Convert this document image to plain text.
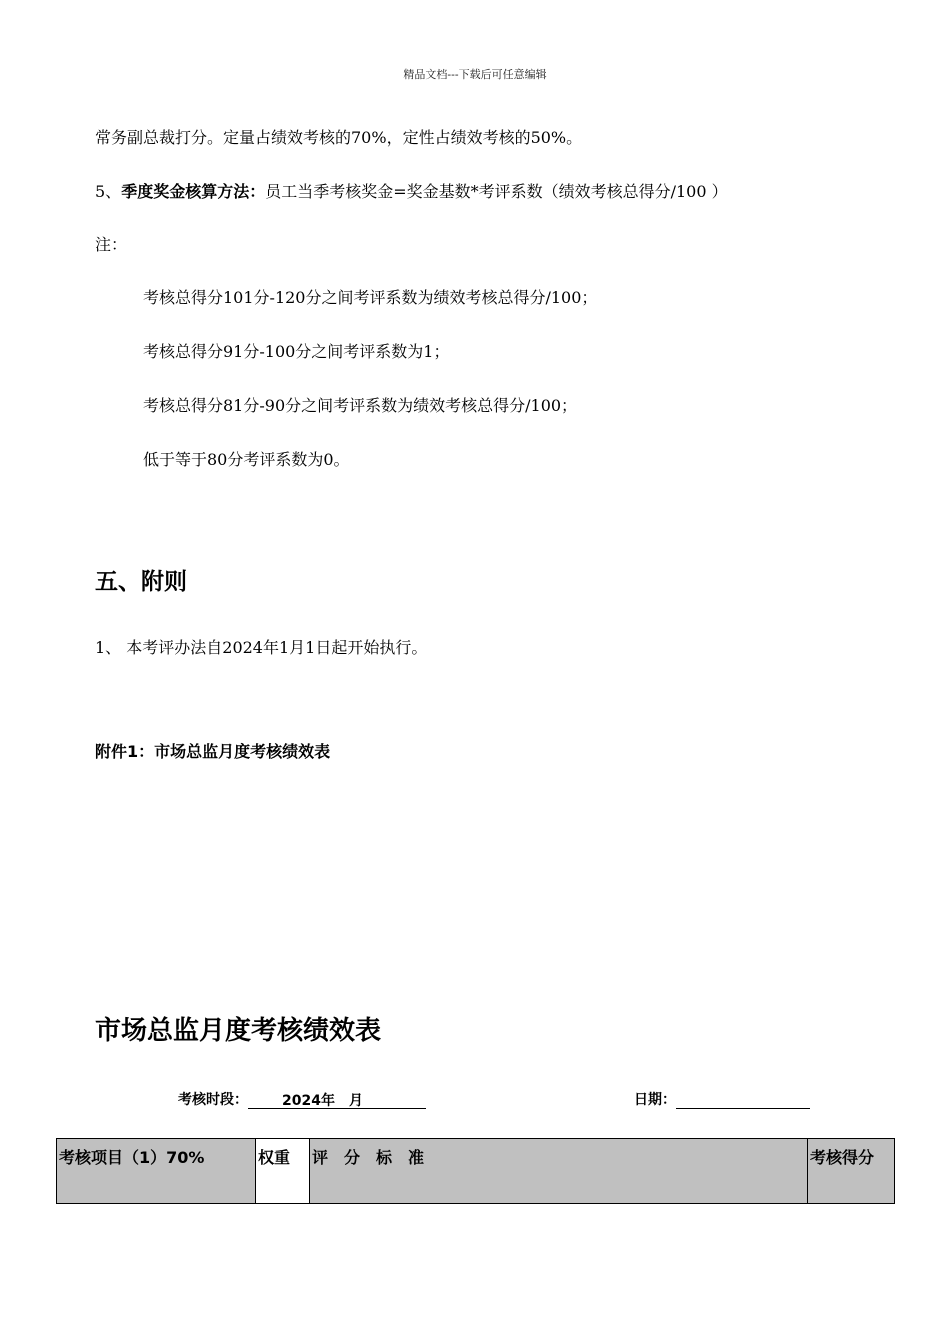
精品文档---下载后可任意编辑
常务副总裁打分。定量占绩效考核的70%，定性占绩效考核的50%。
5、季度奖金核算方法：员工当季考核奖金=奖金基数*考评系数（绩效考核总得分/100 ）
注：
考核总得分101分-120分之间考评系数为绩效考核总得分/100；
考核总得分91分-100分之间考评系数为1；
考核总得分81分-90分之间考评系数为绩效考核总得分/100；
低于等于80分考评系数为0。
五、附则
1、 本考评办法自2024年1月1日起开始执行。
附件1：市场总监月度考核绩效表
市场总监月度考核绩效表
考核时段： 2024年　月	日期：
考核项目（1）70%	权重	评　分　标　准	考核得分
